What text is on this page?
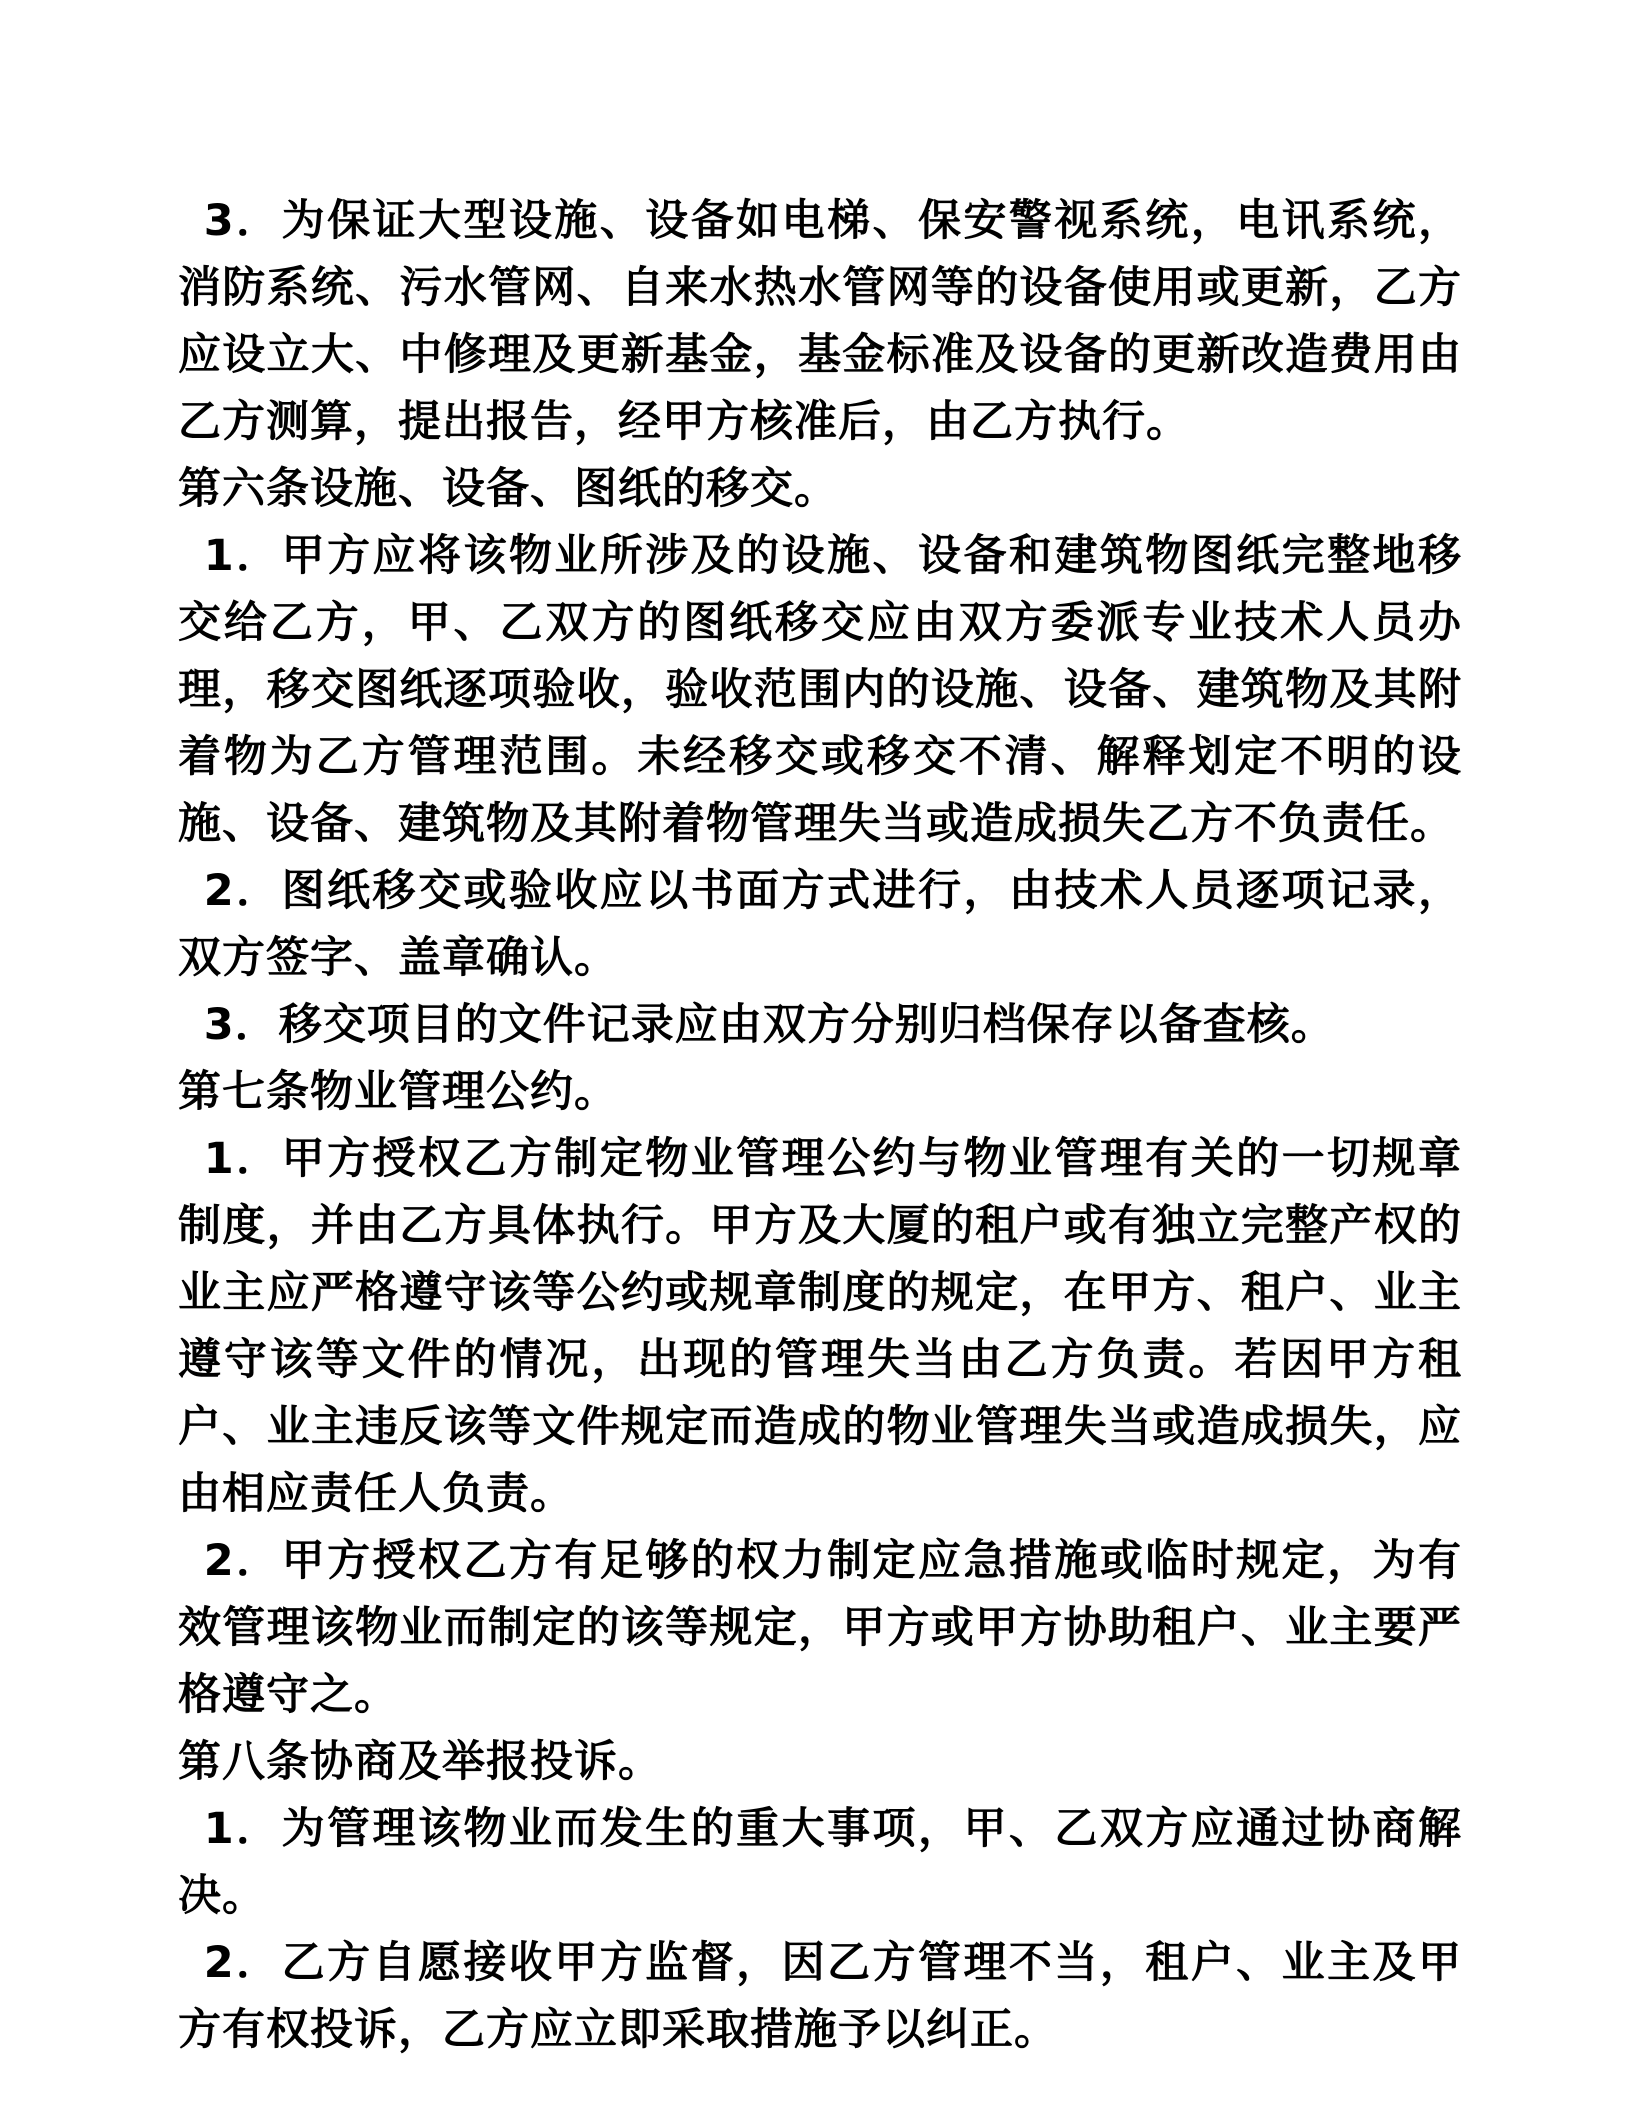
3．为保证大型设施、设备如电梯、保安警视系统，电讯系统，消防系统、污水管网、自来水热水管网等的设备使用或更新，乙方应设立大、中修理及更新基金，基金标准及设备的更新改造费用由乙方测算，提出报告，经甲方核准后，由乙方执行。

第六条设施、设备、图纸的移交。

1．甲方应将该物业所涉及的设施、设备和建筑物图纸完整地移交给乙方，甲、乙双方的图纸移交应由双方委派专业技术人员办理，移交图纸逐项验收，验收范围内的设施、设备、建筑物及其附着物为乙方管理范围。未经移交或移交不清、解释划定不明的设施、设备、建筑物及其附着物管理失当或造成损失乙方不负责任。

2．图纸移交或验收应以书面方式进行，由技术人员逐项记录，双方签字、盖章确认。

3．移交项目的文件记录应由双方分别归档保存以备查核。

第七条物业管理公约。

1．甲方授权乙方制定物业管理公约与物业管理有关的一切规章制度，并由乙方具体执行。甲方及大厦的租户或有独立完整产权的业主应严格遵守该等公约或规章制度的规定，在甲方、租户、业主遵守该等文件的情况，出现的管理失当由乙方负责。若因甲方租户、业主违反该等文件规定而造成的物业管理失当或造成损失，应由相应责任人负责。

2．甲方授权乙方有足够的权力制定应急措施或临时规定，为有效管理该物业而制定的该等规定，甲方或甲方协助租户、业主要严格遵守之。

第八条协商及举报投诉。

1．为管理该物业而发生的重大事项，甲、乙双方应通过协商解决。

2．乙方自愿接收甲方监督，因乙方管理不当，租户、业主及甲方有权投诉，乙方应立即采取措施予以纠正。
